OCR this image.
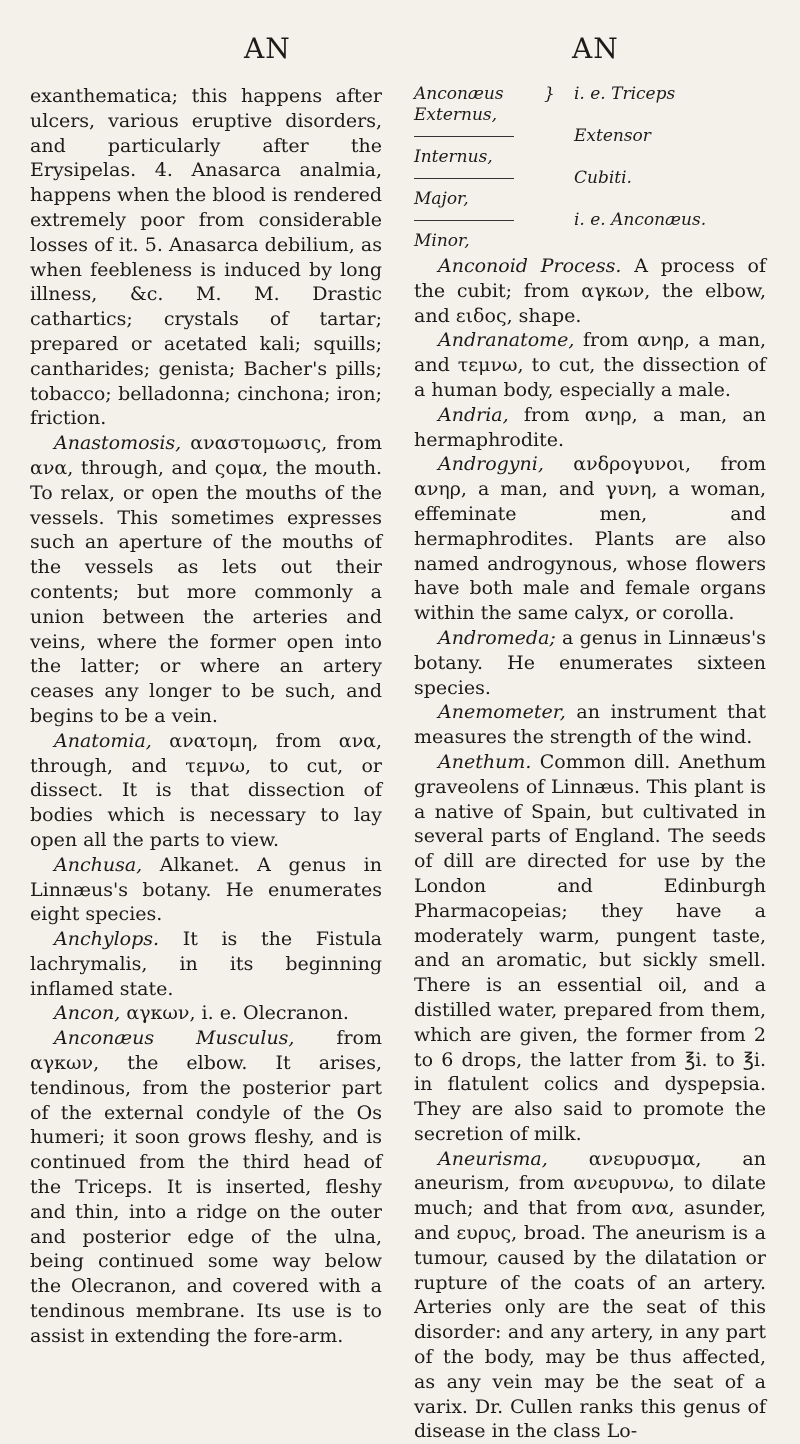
AN	AN

exanthematica; this happens after ulcers, various eruptive disorders, and particularly after the Erysipelas. 4. Anasarca analmia, happens when the blood is rendered extremely poor from considerable losses of it. 5. Anasarca debilium, as when feebleness is induced by long illness, &c. M. M. Drastic cathartics; crystals of tartar; prepared or acetated kali; squills; cantharides; genista; Bacher's pills; tobacco; belladonna; cinchona; iron; friction.

Anastomosis, αναστομωσις, from ανα, through, and ςομα, the mouth. To relax, or open the mouths of the vessels. This sometimes expresses such an aperture of the mouths of the vessels as lets out their contents; but more commonly a union between the arteries and veins, where the former open into the latter; or where an artery ceases any longer to be such, and begins to be a vein.

Anatomia, ανατομη, from ανα, through, and τεμνω, to cut, or dissect. It is that dissection of bodies which is necessary to lay open all the parts to view.

Anchusa, Alkanet. A genus in Linnæus's botany. He enumerates eight species.

Anchylops. It is the Fistula lachrymalis, in its beginning inflamed state.

Ancon, αγκων, i. e. Olecranon.

Anconæus Musculus, from αγκων, the elbow. It arises, tendinous, from the posterior part of the external condyle of the Os humeri; it soon grows fleshy, and is continued from the third head of the Triceps. It is inserted, fleshy and thin, into a ridge on the outer and posterior edge of the ulna, being continued some way below the Olecranon, and covered with a tendinous membrane. Its use is to assist in extending the fore-arm.

Anconæus Externus,
}	i. e. Triceps
Internus,
Extensor
Major,
Cubiti.
Minor,
i. e. Anconæus.

Anconoid Process. A process of the cubit; from αγκων, the elbow, and ειδος, shape.

Andranatome, from ανηρ, a man, and τεμνω, to cut, the dissection of a human body, especially a male.

Andria, from ανηρ, a man, an hermaphrodite.

Androgyni, ανδρογυνοι, from ανηρ, a man, and γυνη, a woman, effeminate men, and hermaphrodites. Plants are also named androgynous, whose flowers have both male and female organs within the same calyx, or corolla.

Andromeda; a genus in Linnæus's botany. He enumerates sixteen species.

Anemometer, an instrument that measures the strength of the wind.

Anethum. Common dill. Anethum graveolens of Linnæus. This plant is a native of Spain, but cultivated in several parts of England. The seeds of dill are directed for use by the London and Edinburgh Pharmacopeias; they have a moderately warm, pungent taste, and an aromatic, but sickly smell. There is an essential oil, and a distilled water, prepared from them, which are given, the former from 2 to 6 drops, the latter from ℥i. to ℥i. in flatulent colics and dyspepsia. They are also said to promote the secretion of milk.

Aneurisma, ανευρυσμα, an aneurism, from ανευρυνω, to dilate much; and that from ανα, asunder, and ευρυς, broad. The aneurism is a tumour, caused by the dilatation or rupture of the coats of an artery. Arteries only are the seat of this disorder: and any artery, in any part of the body, may be thus affected, as any vein may be the seat of a varix. Dr. Cullen ranks this genus of disease in the class Lo-
